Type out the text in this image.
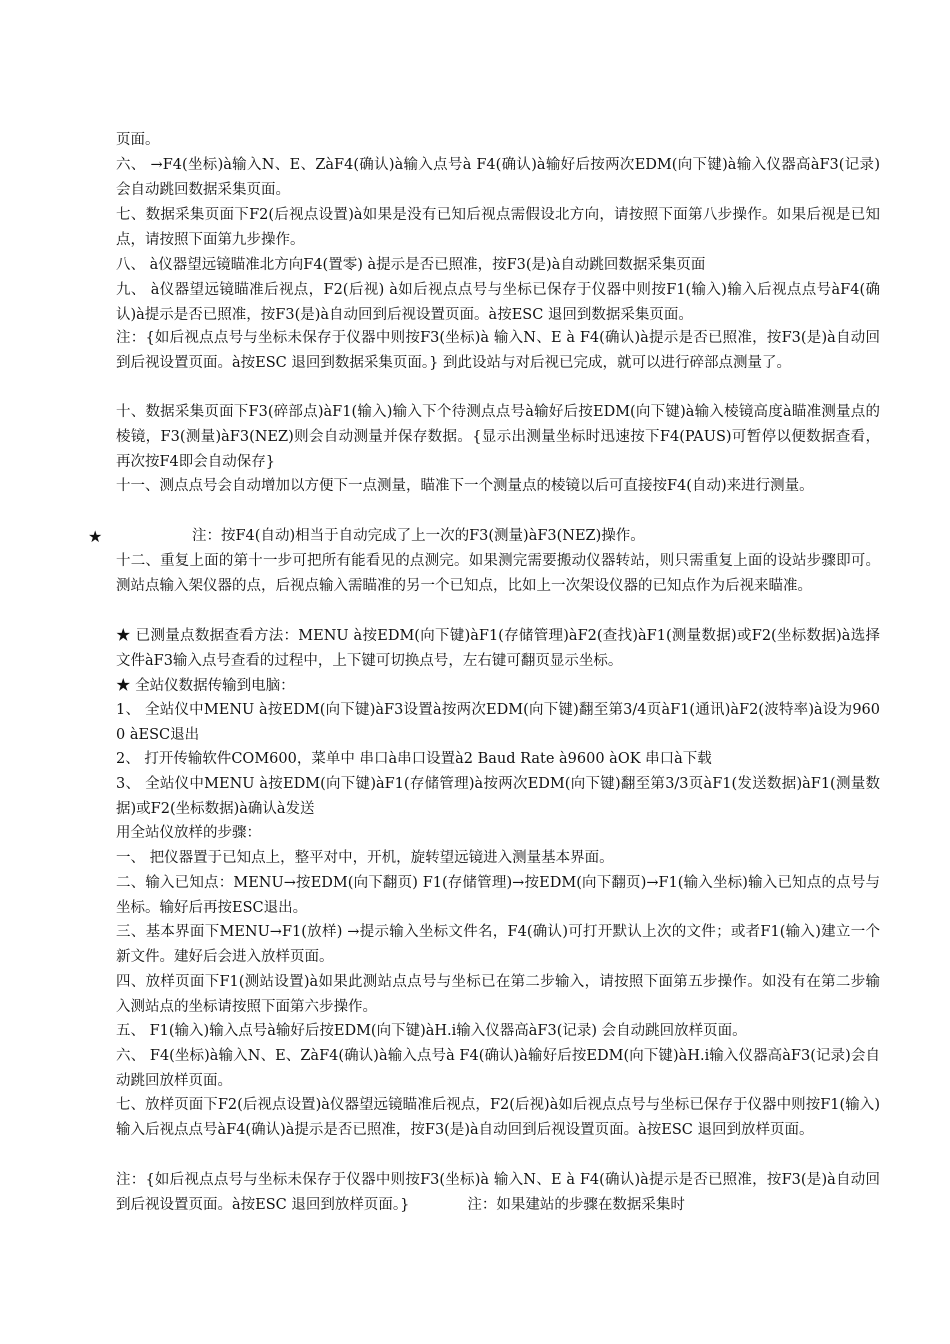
页面。

六、 →F4(坐标)à输入N、E、ZàF4(确认)à输入点号à F4(确认)à输好后按两次EDM(向下键)à输入仪器高àF3(记录)会自动跳回数据采集页面。

七、数据采集页面下F2(后视点设置)à如果是没有已知后视点需假设北方向，请按照下面第八步操作。如果后视是已知点，请按照下面第九步操作。

八、 à仪器望远镜瞄准北方向F4(置零) à提示是否已照准，按F3(是)à自动跳回数据采集页面

九、 à仪器望远镜瞄准后视点，F2(后视) à如后视点点号与坐标已保存于仪器中则按F1(输入)输入后视点点号àF4(确认)à提示是否已照准，按F3(是)à自动回到后视设置页面。à按ESC 退回到数据采集页面。

注：{如后视点点号与坐标未保存于仪器中则按F3(坐标)à 输入N、E à F4(确认)à提示是否已照准，按F3(是)à自动回到后视设置页面。à按ESC 退回到数据采集页面。} 到此设站与对后视已完成，就可以进行碎部点测量了。

十、数据采集页面下F3(碎部点)àF1(输入)输入下个待测点点号à输好后按EDM(向下键)à输入棱镜高度à瞄准测量点的棱镜，F3(测量)àF3(NEZ)则会自动测量并保存数据。{显示出测量坐标时迅速按下F4(PAUS)可暂停以便数据查看，再次按F4即会自动保存}

十一、测点点号会自动增加以方便下一点测量，瞄准下一个测量点的棱镜以后可直接按F4(自动)来进行测量。

★	注：按F4(自动)相当于自动完成了上一次的F3(测量)àF3(NEZ)操作。

十二、重复上面的第十一步可把所有能看见的点测完。如果测完需要搬动仪器转站，则只需重复上面的设站步骤即可。测站点输入架仪器的点，后视点输入需瞄准的另一个已知点，比如上一次架设仪器的已知点作为后视来瞄准。

★ 已测量点数据查看方法：MENU à按EDM(向下键)àF1(存储管理)àF2(查找)àF1(测量数据)或F2(坐标数据)à选择文件àF3输入点号查看的过程中，上下键可切换点号，左右键可翻页显示坐标。

★ 全站仪数据传输到电脑：

1、 全站仪中MENU à按EDM(向下键)àF3设置à按两次EDM(向下键)翻至第3/4页àF1(通讯)àF2(波特率)à设为9600 àESC退出

2、 打开传输软件COM600，菜单中 串口à串口设置à2 Baud Rate à9600 àOK 串口à下载

3、 全站仪中MENU à按EDM(向下键)àF1(存储管理)à按两次EDM(向下键)翻至第3/3页àF1(发送数据)àF1(测量数据)或F2(坐标数据)à确认à发送

用全站仪放样的步骤：

一、 把仪器置于已知点上，整平对中，开机，旋转望远镜进入测量基本界面。

二、输入已知点：MENU→按EDM(向下翻页) F1(存储管理)→按EDM(向下翻页)→F1(输入坐标)输入已知点的点号与坐标。输好后再按ESC退出。

三、基本界面下MENU→F1(放样) →提示输入坐标文件名，F4(确认)可打开默认上次的文件；或者F1(输入)建立一个新文件。建好后会进入放样页面。

四、放样页面下F1(测站设置)à如果此测站点点号与坐标已在第二步输入，请按照下面第五步操作。如没有在第二步输入测站点的坐标请按照下面第六步操作。

五、 F1(输入)输入点号à输好后按EDM(向下键)àH.i输入仪器高àF3(记录) 会自动跳回放样页面。

六、 F4(坐标)à输入N、E、ZàF4(确认)à输入点号à F4(确认)à输好后按EDM(向下键)àH.i输入仪器高àF3(记录)会自动跳回放样页面。

七、放样页面下F2(后视点设置)à仪器望远镜瞄准后视点，F2(后视)à如后视点点号与坐标已保存于仪器中则按F1(输入)输入后视点点号àF4(确认)à提示是否已照准，按F3(是)à自动回到后视设置页面。à按ESC 退回到放样页面。

注：{如后视点点号与坐标未保存于仪器中则按F3(坐标)à 输入N、E à F4(确认)à提示是否已照准，按F3(是)à自动回到后视设置页面。à按ESC 退回到放样页面。}　　　　注：如果建站的步骤在数据采集时
